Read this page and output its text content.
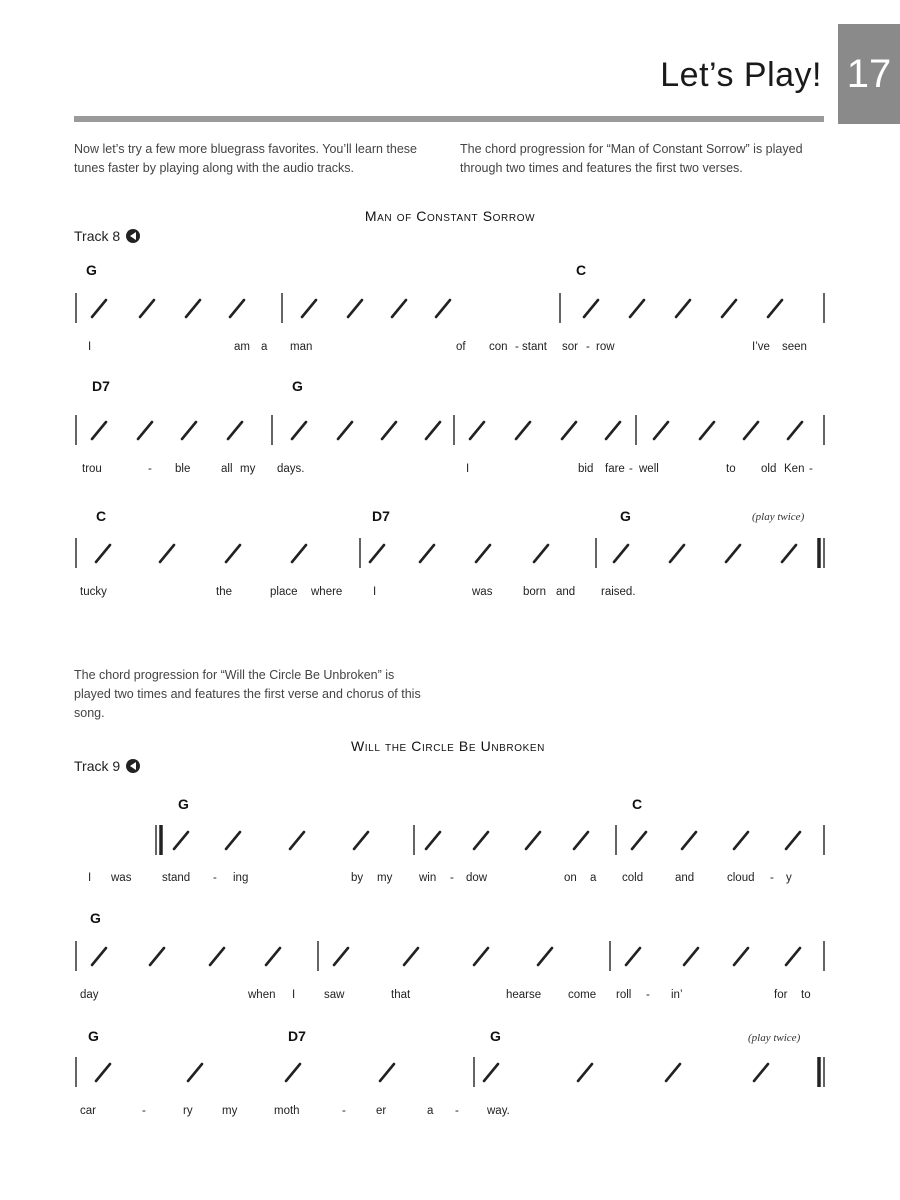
Let’s Play! 17
Now let’s try a few more bluegrass favorites. You’ll learn these tunes faster by playing along with the audio tracks.
The chord progression for “Man of Constant Sorrow” is played through two times and features the first two verses.
Man of Constant Sorrow
Track 8
G	C
I	am a man	of con - stant sor - row	I’ve seen
D7	G
trou	- ble	all my days.	I	bid fare - well	to old Ken -
C	D7	G	(play twice)
tucky	the	place where	I	was	born and raised.
The chord progression for “Will the Circle Be Unbroken” is played two times and features the first verse and chorus of this song.
Will the Circle Be Unbroken
Track 9
G	C
I was	stand - ing	by my win - dow	on a cold	and	cloud - y
G
day	when I	saw	that	hearse come roll - in’	for to
G	D7	G	(play twice)
car	-	ry	my	moth	-	er	a - way.
